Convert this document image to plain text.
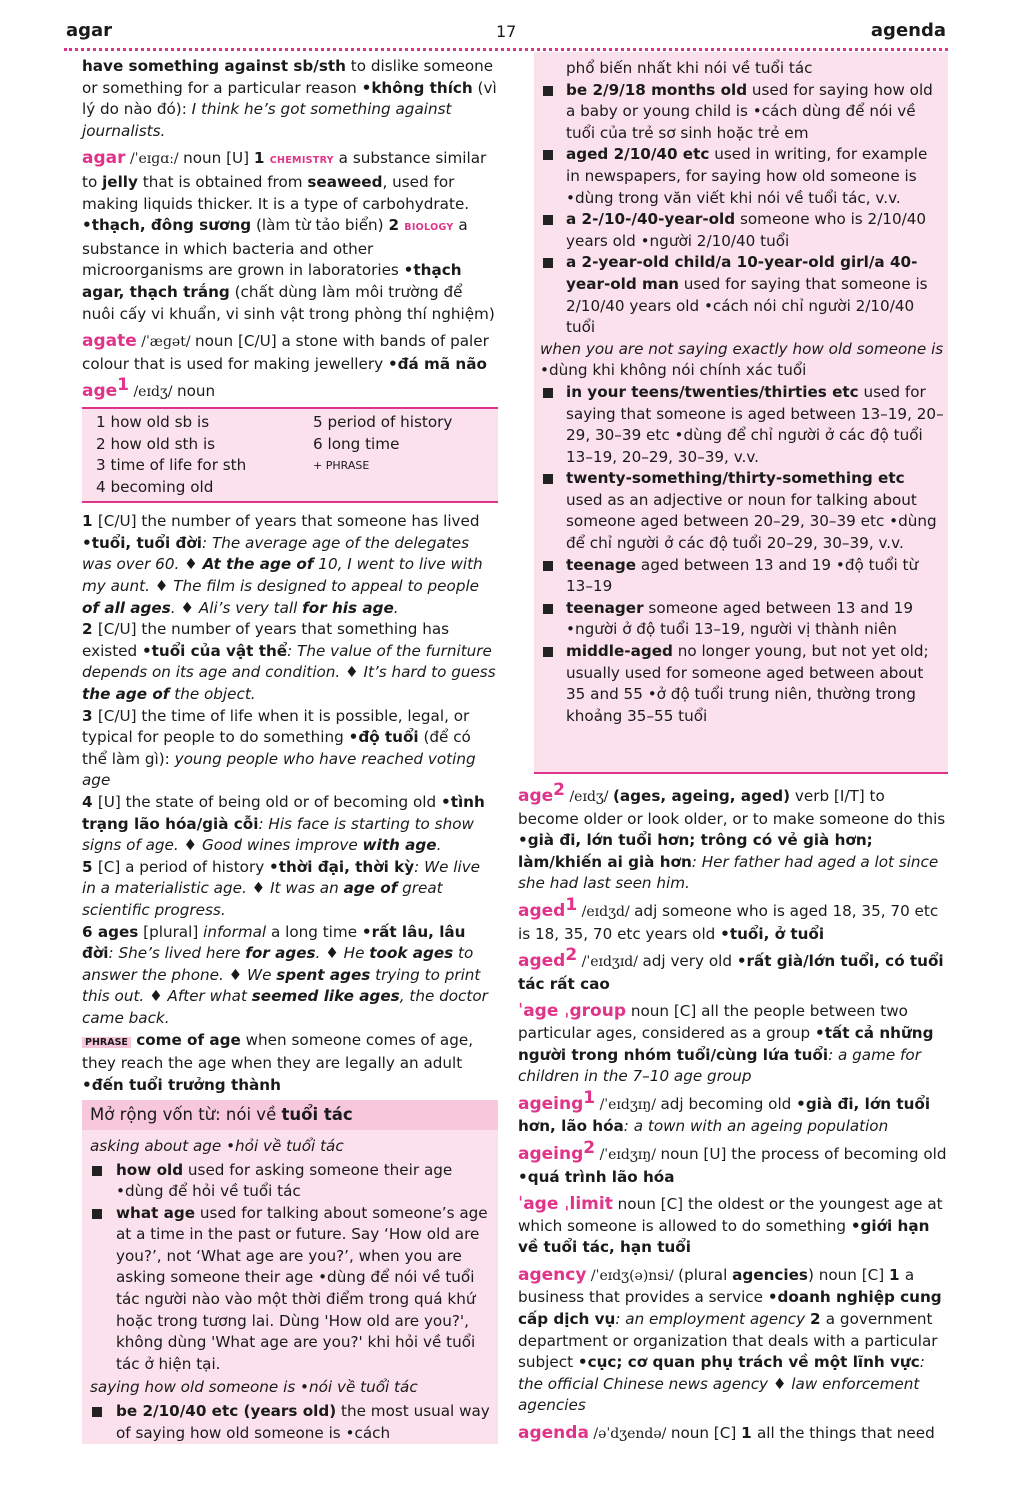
agar	17	agenda

have something against sb/sth to dislike someone or something for a particular reason •không thích (vì lý do nào đó): I think he’s got something against journalists.

agar /ˈeɪɡɑː/ noun [U] 1 CHEMISTRY a substance similar to jelly that is obtained from seaweed, used for making liquids thicker. It is a type of carbohydrate. •thạch, đông sương (làm từ tảo biển) 2 BIOLOGY a substance in which bacteria and other microorganisms are grown in laboratories •thạch agar, thạch trắng (chất dùng làm môi trường để nuôi cấy vi khuẩn, vi sinh vật trong phòng thí nghiệm)

agate /ˈæɡət/ noun [C/U] a stone with bands of paler colour that is used for making jewellery •đá mã não

age$^1$ /eɪdʒ/ noun

1 how old sb is	5 period of history
2 how old sth is	6 long time
3 time of life for sth	+ PHRASE
4 becoming old

1 [C/U] the number of years that someone has lived •tuổi, tuổi đời: The average age of the delegates was over 60. ♦ At the age of 10, I went to live with my aunt. ♦ The film is designed to appeal to people of all ages. ♦ Ali’s very tall for his age.

2 [C/U] the number of years that something has existed •tuổi của vật thể: The value of the furniture depends on its age and condition. ♦ It’s hard to guess the age of the object.

3 [C/U] the time of life when it is possible, legal, or typical for people to do something •độ tuổi (để có thể làm gì): young people who have reached voting age

4 [U] the state of being old or of becoming old •tình trạng lão hóa/già cỗi: His face is starting to show signs of age. ♦ Good wines improve with age.

5 [C] a period of history •thời đại, thời kỳ: We live in a materialistic age. ♦ It was an age of great scientific progress.

6 ages [plural] informal a long time •rất lâu, lâu đời: She’s lived here for ages. ♦ He took ages to answer the phone. ♦ We spent ages trying to print this out. ♦ After what seemed like ages, the doctor came back.

PHRASE come of age when someone comes of age, they reach the age when they are legally an adult •đến tuổi trưởng thành

Mở rộng vốn từ: nói về tuổi tác
asking about age •hỏi về tuổi tác
how old used for asking someone their age •dùng để hỏi về tuổi tác
what age used for talking about someone’s age at a time in the past or future. Say ‘How old are you?’, not ‘What age are you?’, when you are asking someone their age •dùng để nói về tuổi tác người nào vào một thời điểm trong quá khứ hoặc trong tương lai. Dùng 'How old are you?', không dùng 'What age are you?' khi hỏi về tuổi tác ở hiện tại.
saying how old someone is •nói về tuổi tác
be 2/10/40 etc (years old) the most usual way of saying how old someone is •cách
phổ biến nhất khi nói về tuổi tác
be 2/9/18 months old used for saying how old a baby or young child is •cách dùng để nói về tuổi của trẻ sơ sinh hoặc trẻ em
aged 2/10/40 etc used in writing, for example in newspapers, for saying how old someone is •dùng trong văn viết khi nói về tuổi tác, v.v.
a 2-/10-/40-year-old someone who is 2/10/40 years old •người 2/10/40 tuổi
a 2-year-old child/a 10-year-old girl/a 40-year-old man used for saying that someone is 2/10/40 years old •cách nói chỉ người 2/10/40 tuổi
when you are not saying exactly how old someone is •dùng khi không nói chính xác tuổi
in your teens/twenties/thirties etc used for saying that someone is aged between 13–19, 20–29, 30–39 etc •dùng để chỉ người ở các độ tuổi 13–19, 20–29, 30–39, v.v.
twenty-something/thirty-something etc used as an adjective or noun for talking about someone aged between 20–29, 30–39 etc •dùng để chỉ người ở các độ tuổi 20–29, 30–39, v.v.
teenage aged between 13 and 19 •độ tuổi từ 13–19
teenager someone aged between 13 and 19 •người ở độ tuổi 13–19, người vị thành niên
middle-aged no longer young, but not yet old; usually used for someone aged between about 35 and 55 •ở độ tuổi trung niên, thường trong khoảng 35–55 tuổi

age$^2$ /eɪdʒ/ (ages, ageing, aged) verb [I/T] to become older or look older, or to make someone do this •già đi, lớn tuổi hơn; trông có vẻ già hơn; làm/khiến ai già hơn: Her father had aged a lot since she had last seen him.

aged$^1$ /eɪdʒd/ adj someone who is aged 18, 35, 70 etc is 18, 35, 70 etc years old •tuổi, ở tuổi

aged$^2$ /ˈeɪdʒɪd/ adj very old •rất già/lớn tuổi, có tuổi tác rất cao

ˈage ˌgroup noun [C] all the people between two particular ages, considered as a group •tất cả những người trong nhóm tuổi/cùng lứa tuổi: a game for children in the 7–10 age group

ageing$^1$ /ˈeɪdʒɪŋ/ adj becoming old •già đi, lớn tuổi hơn, lão hóa: a town with an ageing population

ageing$^2$ /ˈeɪdʒɪŋ/ noun [U] the process of becoming old •quá trình lão hóa

ˈage ˌlimit noun [C] the oldest or the youngest age at which someone is allowed to do something •giới hạn về tuổi tác, hạn tuổi

agency /ˈeɪdʒ(ə)nsi/ (plural agencies) noun [C] 1 a business that provides a service •doanh nghiệp cung cấp dịch vụ: an employment agency 2 a government department or organization that deals with a particular subject •cục; cơ quan phụ trách về một lĩnh vực: the official Chinese news agency ♦ law enforcement agencies

agenda /əˈdʒendə/ noun [C] 1 all the things that need
